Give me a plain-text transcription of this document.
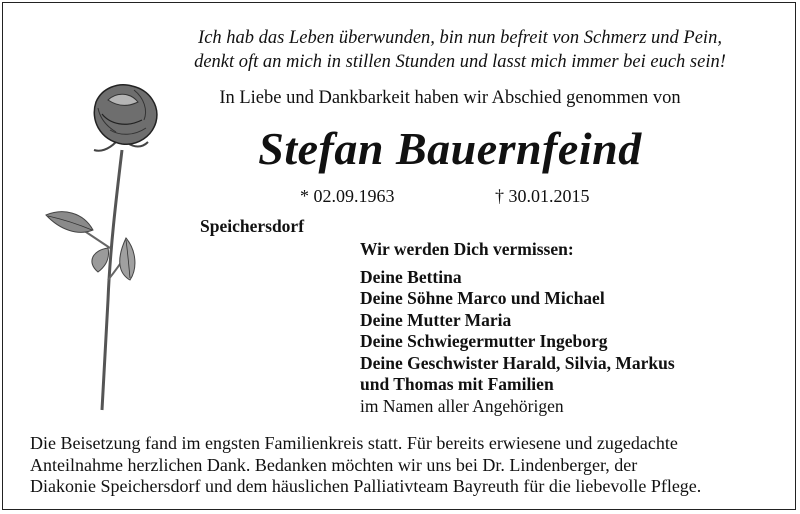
Ich hab das Leben überwunden, bin nun befreit von Schmerz und Pein,
denkt oft an mich in stillen Stunden und lasst mich immer bei euch sein!
In Liebe und Dankbarkeit haben wir Abschied genommen von
Stefan Bauernfeind
* 02.09.1963	† 30.01.2015
Speichersdorf
Wir werden Dich vermissen:
Deine Bettina
Deine Söhne Marco und Michael
Deine Mutter Maria
Deine Schwiegermutter Ingeborg
Deine Geschwister Harald, Silvia, Markus
und Thomas mit Familien
im Namen aller Angehörigen
Die Beisetzung fand im engsten Familienkreis statt. Für bereits erwiesene und zugedachte
Anteilnahme herzlichen Dank. Bedanken möchten wir uns bei Dr. Lindenberger, der
Diakonie Speichersdorf und dem häuslichen Palliativteam Bayreuth für die liebevolle Pflege.
